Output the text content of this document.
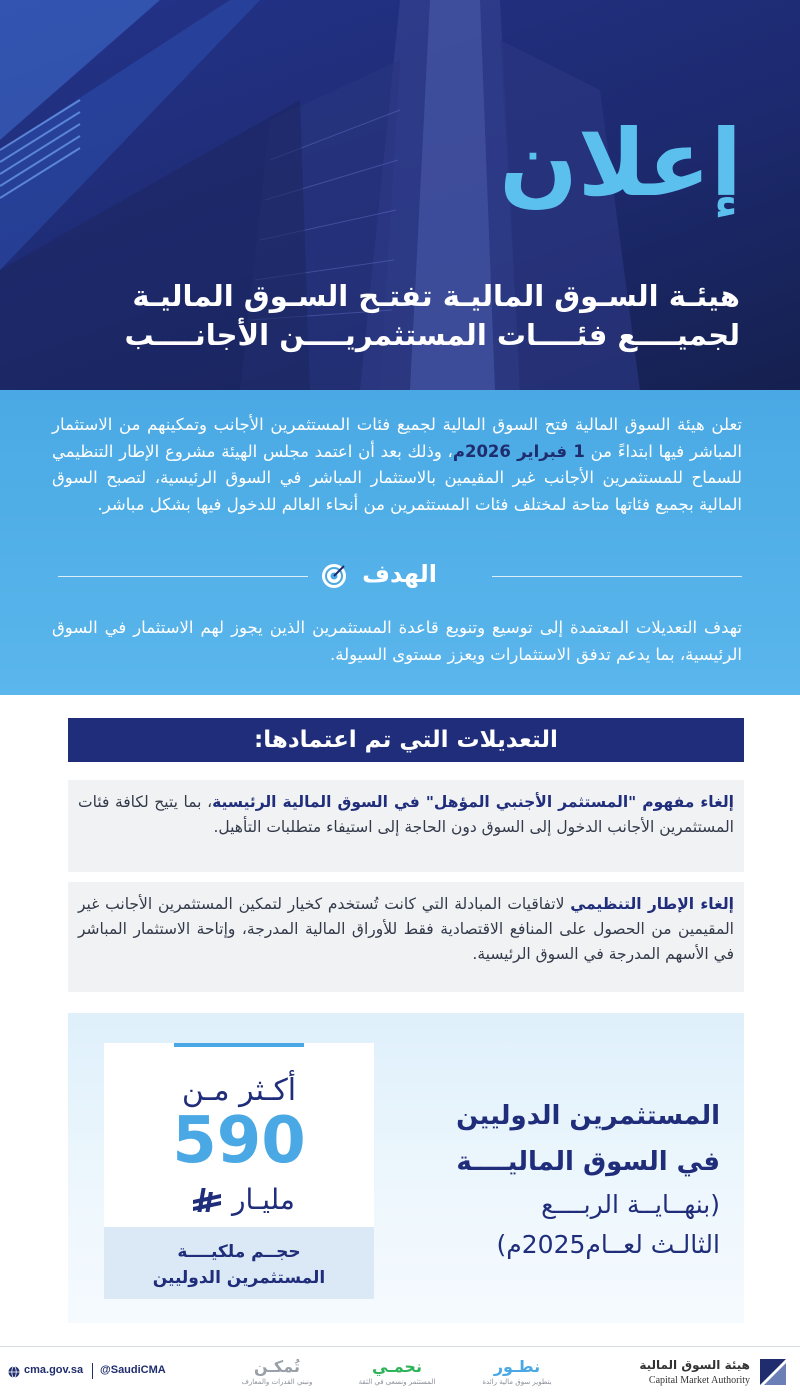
إعلان
هيئـة السـوق الماليـة تفتـح السـوق الماليـة
لجميــــع فئــــات المستثمريــــن الأجانــــب

تعلن هيئة السوق المالية فتح السوق المالية لجميع فئات المستثمرين الأجانب وتمكينهم من الاستثمار المباشر فيها ابتداءً من 1 فبراير 2026م، وذلك بعد أن اعتمد مجلس الهيئة مشروع الإطار التنظيمي للسماح للمستثمرين الأجانب غير المقيمين بالاستثمار المباشر في السوق الرئيسية، لتصبح السوق المالية بجميع فئاتها متاحة لمختلف فئات المستثمرين من أنحاء العالم للدخول فيها بشكل مباشر.

الهدف

تهدف التعديلات المعتمدة إلى توسيع وتنويع قاعدة المستثمرين الذين يجوز لهم الاستثمار في السوق الرئيسية، بما يدعم تدفق الاستثمارات ويعزز مستوى السيولة.

التعديلات التي تم اعتمادها:
إلغاء مفهوم "المستثمر الأجنبي المؤهل" في السوق المالية الرئيسية، بما يتيح لكافة فئات المستثمرين الأجانب الدخول إلى السوق دون الحاجة إلى استيفاء متطلبات التأهيل.
إلغاء الإطار التنظيمي لاتفاقيات المبادلة التي كانت تُستخدم كخيار لتمكين المستثمرين الأجانب غير المقيمين من الحصول على المنافع الاقتصادية فقط للأوراق المالية المدرجة، وإتاحة الاستثمار المباشر في الأسهم المدرجة في السوق الرئيسية.
أكـثر مـن
590
مليـار
حجــم ملكيــــة
المستثمرين الدوليين
المستثمرين الدوليين
في السوق الماليــــة
(بنهــايــة الربــــع
الثالـث لعــام2025م)
هيئة السوق المالية
Capital Market Authority
نطـور
بتطوير سوق مالية رائدة
نحمـي
المستثمر ونسعى في الثقة
تُمكـن
ونبني القدرات والمعارف
@SaudiCMA
cma.gov.sa
